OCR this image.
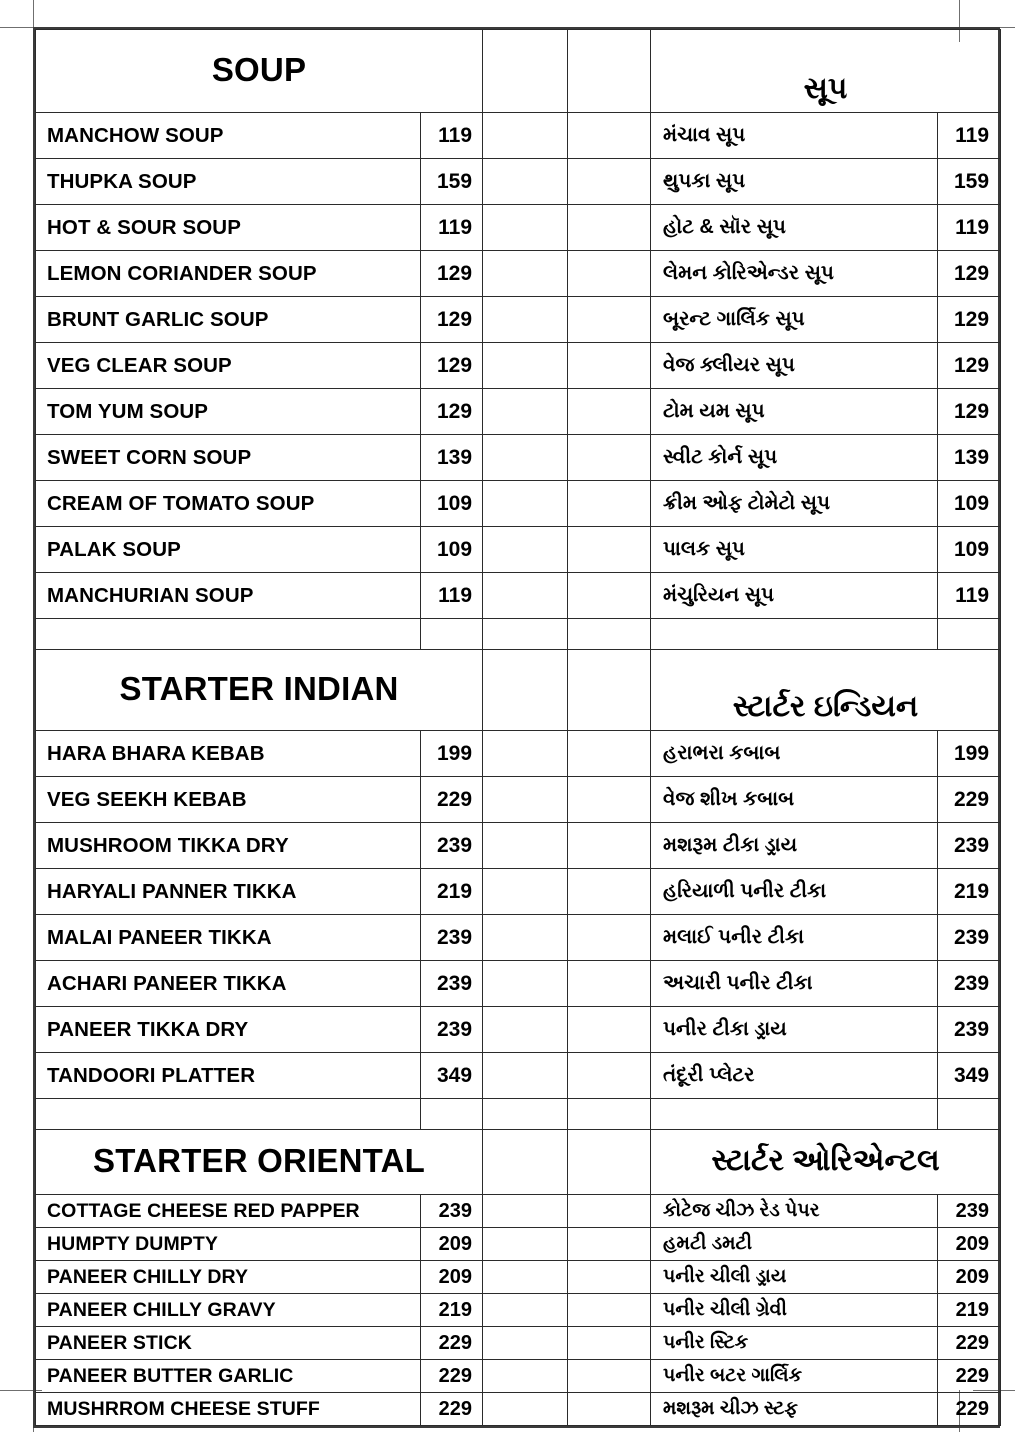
SOUP				સૂપ	
MANCHOW SOUP	119			મંચાવ સૂપ	119
THUPKA SOUP	159			થુપકા સૂપ	159
HOT & SOUR SOUP	119			હોટ & સૉર સૂપ	119
LEMON CORIANDER SOUP	129			લેમન કોરિએન્ડર સૂપ	129
BRUNT GARLIC SOUP	129			બૂરન્ટ ગાર્લિક સૂપ	129
VEG CLEAR SOUP	129			વેજ ક્લીયર સૂપ	129
TOM YUM SOUP	129			ટોમ યમ સૂપ	129
SWEET CORN SOUP	139			સ્વીટ કોર્ન સૂપ	139
CREAM OF TOMATO SOUP	109			ક્રીમ ઓફ ટોમેટો સૂપ	109
PALAK SOUP	109			પાલક સૂપ	109
MANCHURIAN SOUP	119			મંચુરિયન સૂપ	119

STARTER INDIAN				સ્ટાર્ટર ઇન્ડિયન	
HARA BHARA KEBAB	199			હરાભરા કબાબ	199
VEG SEEKH KEBAB	229			વેજ શીખ કબાબ	229
MUSHROOM TIKKA DRY	239			મશરૂમ ટીકા ડ્રાય	239
HARYALI PANNER TIKKA	219			હરિયાળી પનીર ટીકા	219
MALAI PANEER TIKKA	239			મલાઈ પનીર ટીકા	239
ACHARI PANEER TIKKA	239			અચારી પનીર ટીકા	239
PANEER TIKKA DRY	239			પનીર ટીકા ડ્રાય	239
TANDOORI PLATTER	349			તંદૂરી પ્લેટર	349

STARTER ORIENTAL				સ્ટાર્ટર ઓરિએન્ટલ	
COTTAGE CHEESE RED PAPPER	239			કોટેજ ચીઝ રેડ પેપર	239
HUMPTY DUMPTY	209			હમટી ડમટી	209
PANEER CHILLY DRY	209			પનીર ચીલી ડ્રાય	209
PANEER CHILLY GRAVY	219			પનીર ચીલી ગ્રેવી	219
PANEER STICK	229			પનીર સ્ટિક	229
PANEER BUTTER GARLIC	229			પનીર બટર ગાર્લિક	229
MUSHRROM CHEESE STUFF	229			મશરૂમ ચીઝ સ્ટફ	229
